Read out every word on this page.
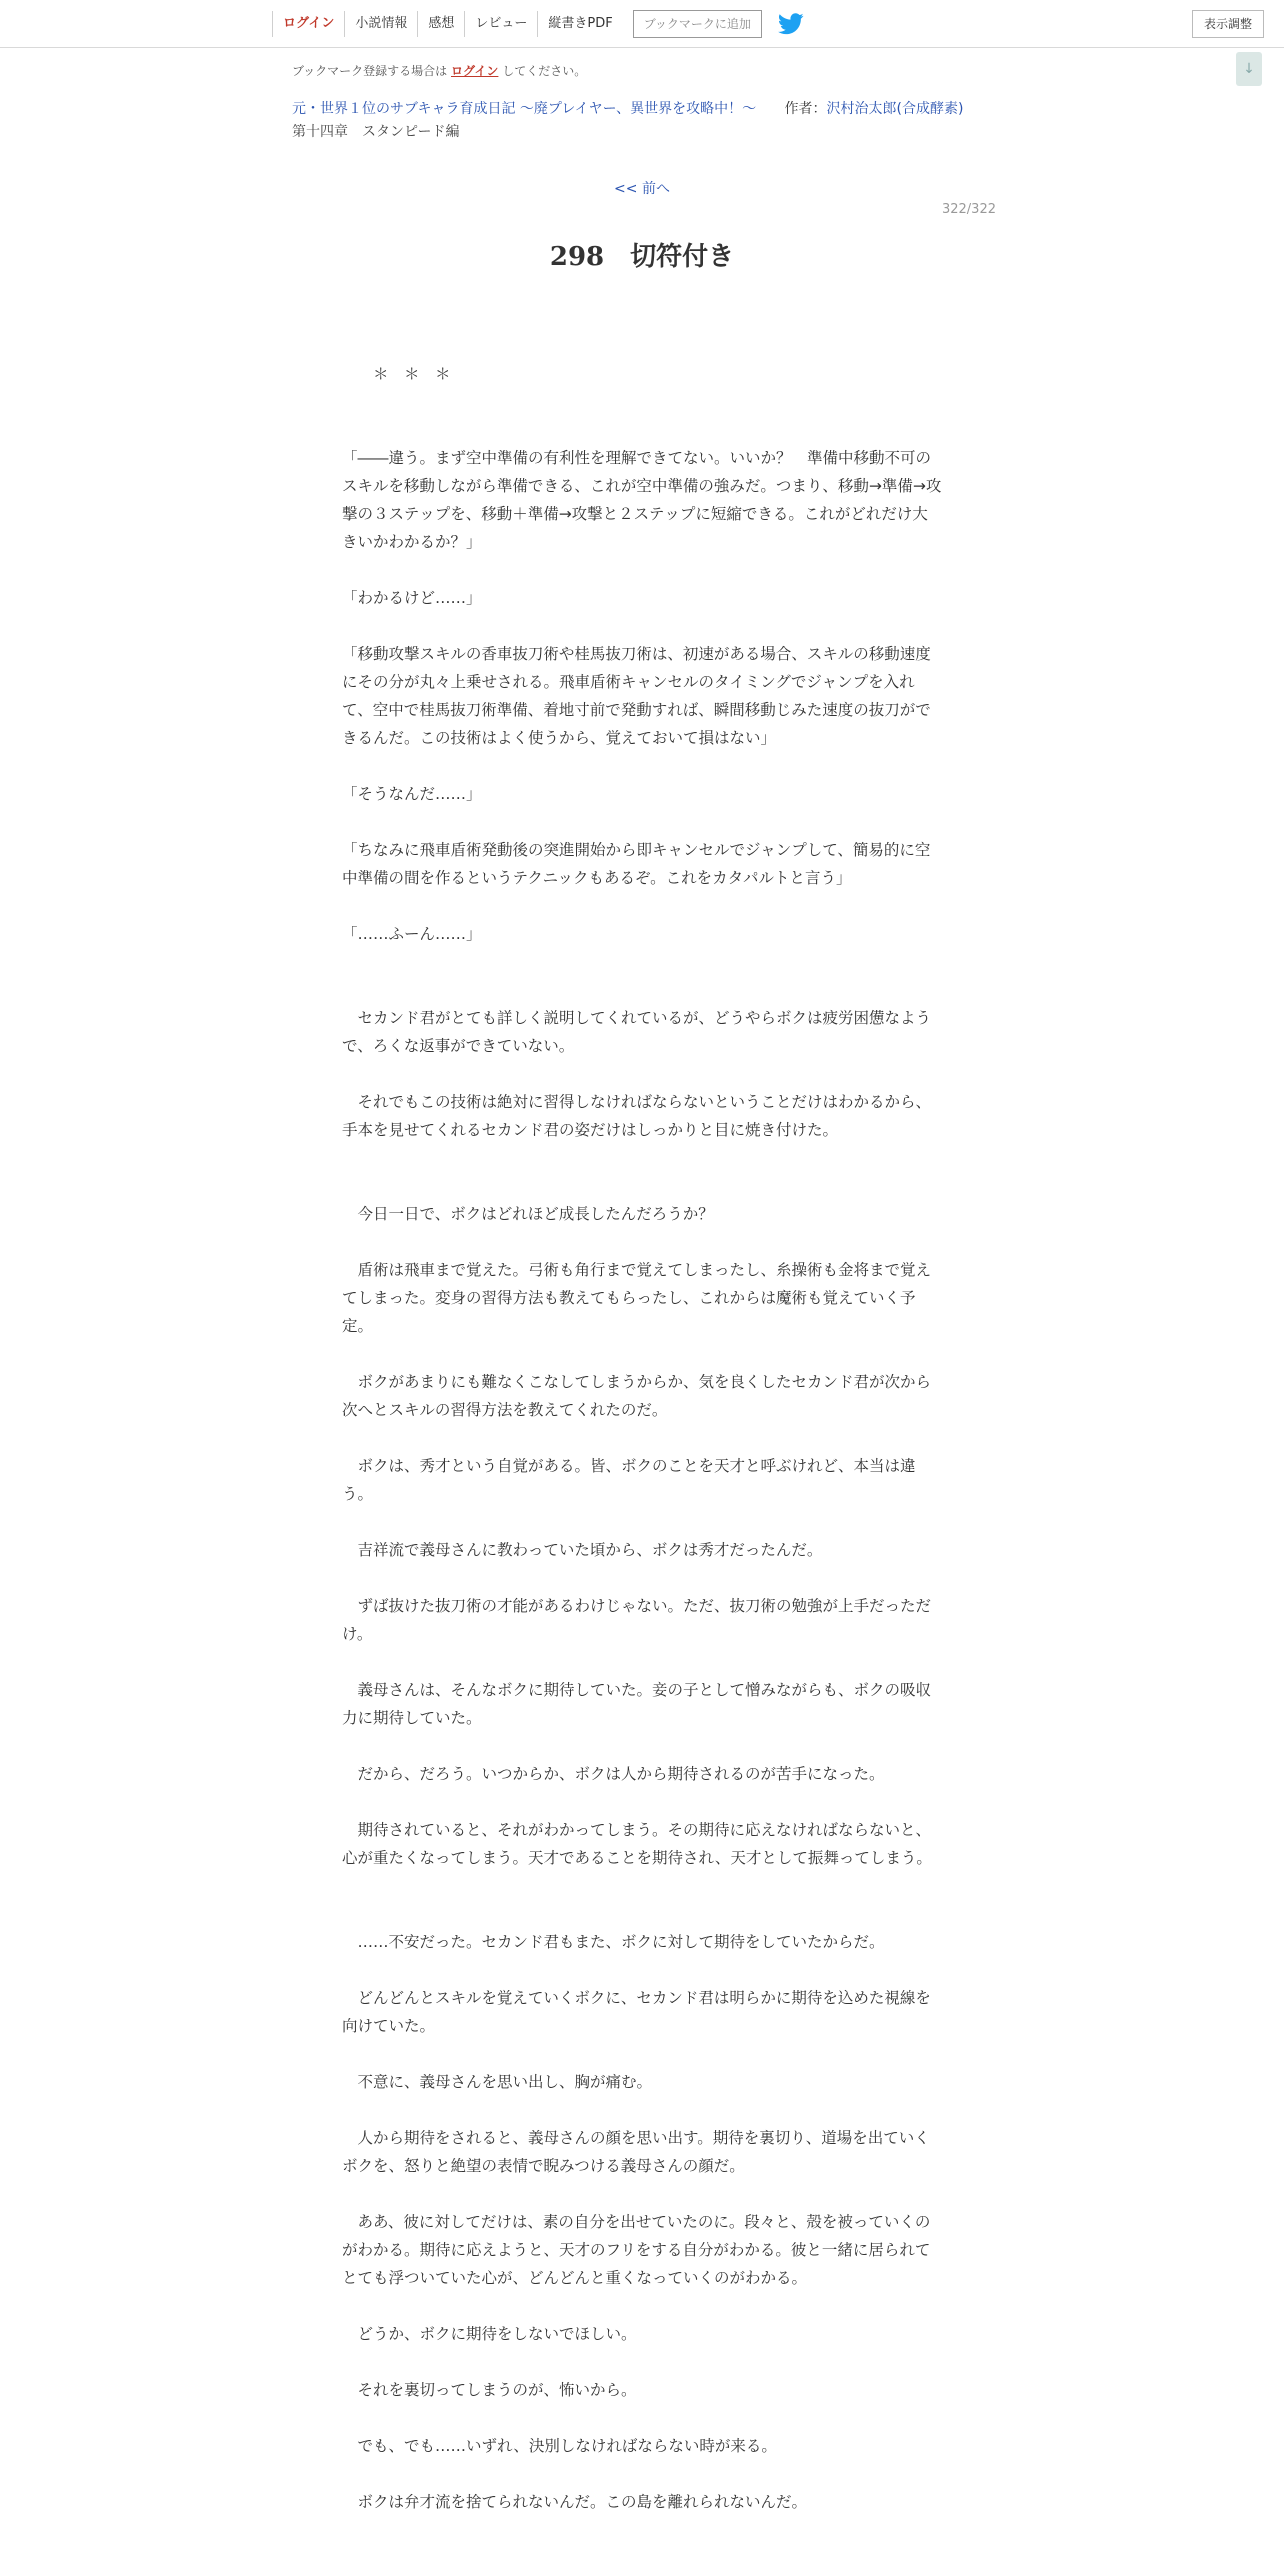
ログイン	小説情報	感想	レビュー	縦書きPDF	ブックマークに追加	表示調整
↓
ブックマーク登録する場合は ログイン してください。
元・世界１位のサブキャラ育成日記 ～廃プレイヤー、異世界を攻略中！～ 作者：沢村治太郎(合成酵素)
第十四章　スタンピード編
<< 前へ
322/322
298　切符付き

　　＊　＊　＊

「――違う。まず空中準備の有利性を理解できてない。いいか？　準備中移動不可のスキルを移動しながら準備できる、これが空中準備の強みだ。つまり、移動→準備→攻撃の３ステップを、移動＋準備→攻撃と２ステップに短縮できる。これがどれだけ大きいかわかるか？」

「わかるけど……」

「移動攻撃スキルの香車抜刀術や桂馬抜刀術は、初速がある場合、スキルの移動速度にその分が丸々上乗せされる。飛車盾術キャンセルのタイミングでジャンプを入れて、空中で桂馬抜刀術準備、着地寸前で発動すれば、瞬間移動じみた速度の抜刀ができるんだ。この技術はよく使うから、覚えておいて損はない」

「そうなんだ……」

「ちなみに飛車盾術発動後の突進開始から即キャンセルでジャンプして、簡易的に空中準備の間を作るというテクニックもあるぞ。これをカタパルトと言う」

「……ふーん……」

　セカンド君がとても詳しく説明してくれているが、どうやらボクは疲労困憊なようで、ろくな返事ができていない。

　それでもこの技術は絶対に習得しなければならないということだけはわかるから、手本を見せてくれるセカンド君の姿だけはしっかりと目に焼き付けた。

　今日一日で、ボクはどれほど成長したんだろうか？

　盾術は飛車まで覚えた。弓術も角行まで覚えてしまったし、糸操術も金将まで覚えてしまった。変身の習得方法も教えてもらったし、これからは魔術も覚えていく予定。

　ボクがあまりにも難なくこなしてしまうからか、気を良くしたセカンド君が次から次へとスキルの習得方法を教えてくれたのだ。

　ボクは、秀才という自覚がある。皆、ボクのことを天才と呼ぶけれど、本当は違う。

　吉祥流で義母さんに教わっていた頃から、ボクは秀才だったんだ。

　ずば抜けた抜刀術の才能があるわけじゃない。ただ、抜刀術の勉強が上手だっただけ。

　義母さんは、そんなボクに期待していた。妾の子として憎みながらも、ボクの吸収力に期待していた。

　だから、だろう。いつからか、ボクは人から期待されるのが苦手になった。

　期待されていると、それがわかってしまう。その期待に応えなければならないと、心が重たくなってしまう。天才であることを期待され、天才として振舞ってしまう。

　……不安だった。セカンド君もまた、ボクに対して期待をしていたからだ。

　どんどんとスキルを覚えていくボクに、セカンド君は明らかに期待を込めた視線を向けていた。

　不意に、義母さんを思い出し、胸が痛む。

　人から期待をされると、義母さんの顔を思い出す。期待を裏切り、道場を出ていくボクを、怒りと絶望の表情で睨みつける義母さんの顔だ。

　ああ、彼に対してだけは、素の自分を出せていたのに。段々と、殻を被っていくのがわかる。期待に応えようと、天才のフリをする自分がわかる。彼と一緒に居られてとても浮ついていた心が、どんどんと重くなっていくのがわかる。

　どうか、ボクに期待をしないでほしい。

　それを裏切ってしまうのが、怖いから。

　でも、でも……いずれ、決別しなければならない時が来る。

　ボクは弁才流を捨てられないんだ。この島を離れられないんだ。
